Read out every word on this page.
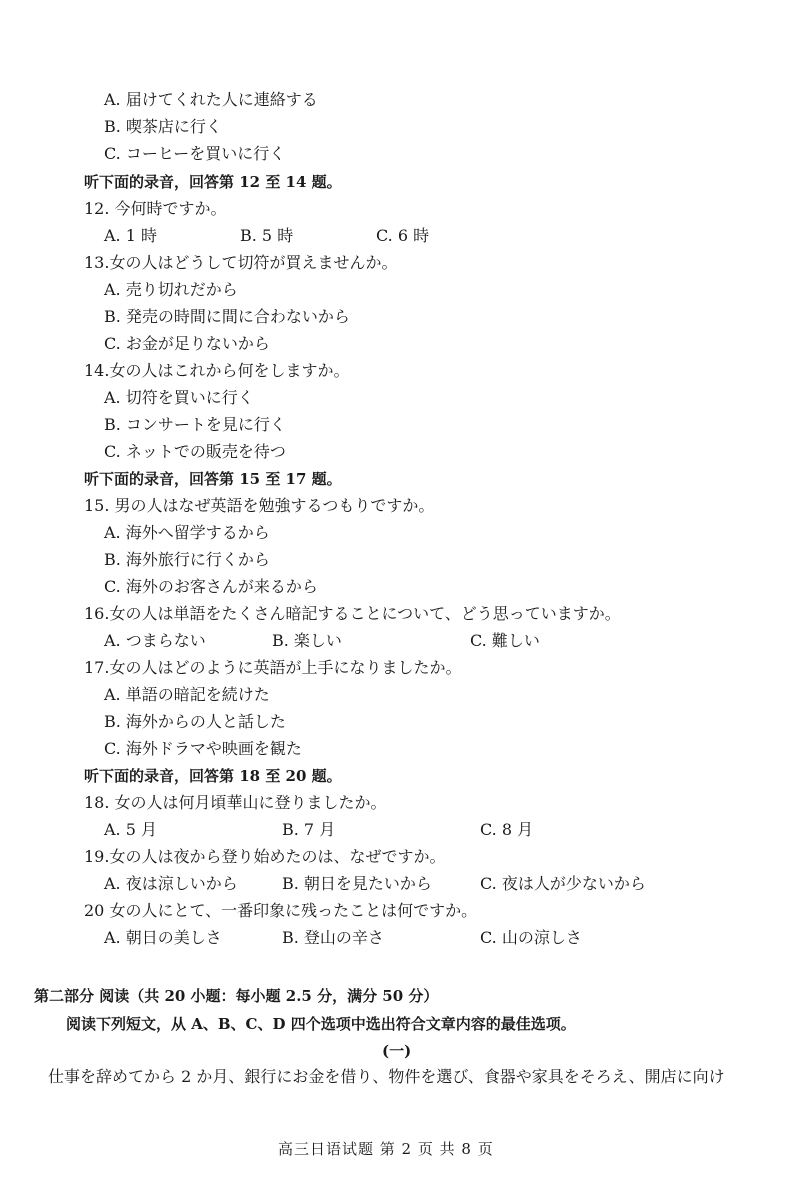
A. 届けてくれた人に連絡する
B. 喫茶店に行く
C. コーヒーを買いに行く
听下面的录音，回答第 12 至 14 题。
12. 今何時ですか。
A. 1 時	B. 5 時	C. 6 時
13.女の人はどうして切符が買えませんか。
A. 売り切れだから
B. 発売の時間に間に合わないから
C. お金が足りないから
14.女の人はこれから何をしますか。
A. 切符を買いに行く
B. コンサートを見に行く
C. ネットでの販売を待つ
听下面的录音，回答第 15 至 17 题。
15. 男の人はなぜ英語を勉強するつもりですか。
A. 海外へ留学するから
B. 海外旅行に行くから
C. 海外のお客さんが来るから
16.女の人は単語をたくさん暗記することについて、どう思っていますか。
A. つまらない	B. 楽しい	C. 難しい
17.女の人はどのように英語が上手になりましたか。
A. 単語の暗記を続けた
B. 海外からの人と話した
C. 海外ドラマや映画を観た
听下面的录音，回答第 18 至 20 题。
18. 女の人は何月頃華山に登りましたか。
A. 5 月	B. 7 月	C. 8 月
19.女の人は夜から登り始めたのは、なぜですか。
A. 夜は涼しいから	B. 朝日を見たいから	C. 夜は人が少ないから
20 女の人にとて、一番印象に残ったことは何ですか。
A. 朝日の美しさ	B. 登山の辛さ	C. 山の涼しさ
第二部分 阅读（共 20 小题：每小题 2.5 分，满分 50 分）
阅读下列短文，从 A、B、C、D 四个选项中选出符合文章内容的最佳选项。
(一)
仕事を辞めてから 2 か月、銀行にお金を借り、物件を選び、食器や家具をそろえ、開店に向け
高三日语试题 第 2 页 共 8 页
